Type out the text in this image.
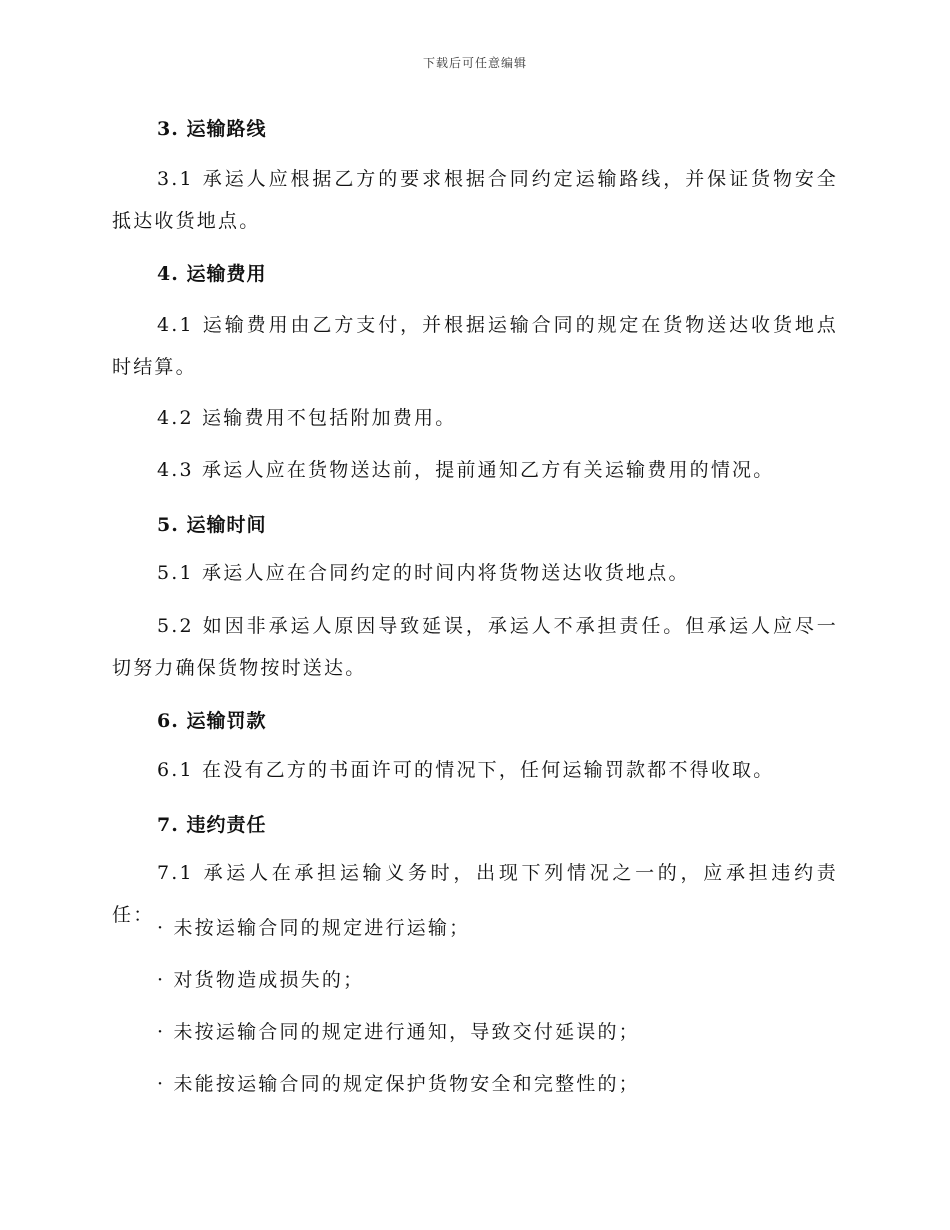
下载后可任意编辑
3. 运输路线
3.1 承运人应根据乙方的要求根据合同约定运输路线，并保证货物安全抵达收货地点。
4. 运输费用
4.1 运输费用由乙方支付，并根据运输合同的规定在货物送达收货地点时结算。
4.2 运输费用不包括附加费用。
4.3 承运人应在货物送达前，提前通知乙方有关运输费用的情况。
5. 运输时间
5.1 承运人应在合同约定的时间内将货物送达收货地点。
5.2 如因非承运人原因导致延误，承运人不承担责任。但承运人应尽一切努力确保货物按时送达。
6. 运输罚款
6.1 在没有乙方的书面许可的情况下，任何运输罚款都不得收取。
7. 违约责任
7.1 承运人在承担运输义务时，出现下列情况之一的，应承担违约责任：
· 未按运输合同的规定进行运输；
· 对货物造成损失的；
· 未按运输合同的规定进行通知，导致交付延误的；
· 未能按运输合同的规定保护货物安全和完整性的；
